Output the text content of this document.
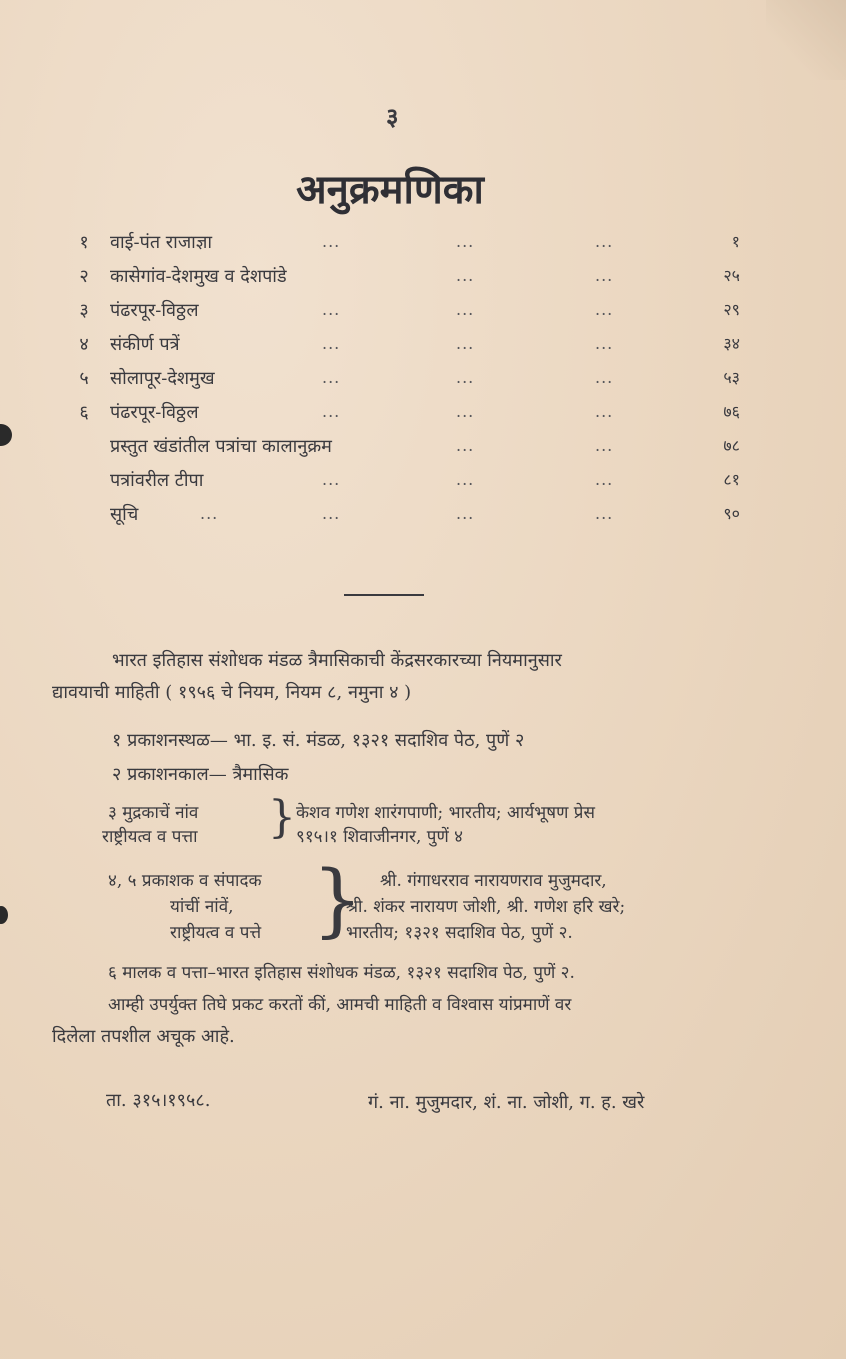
३
अनुक्रमणिका
१	वाई-पंत राजाज्ञा	...	...	...	१
२	कासेगांव-देशमुख व देशपांडे	...	...	२५
३	पंढरपूर-विठ्ठल	...	...	...	२९
४	संकीर्ण पत्रें	...	...	...	३४
५	सोलापूर-देशमुख	...	...	...	५३
६	पंढरपूर-विठ्ठल	...	...	...	७६
प्रस्तुत खंडांतील पत्रांचा कालानुक्रम	...	...	७८
पत्रांवरील टीपा	...	...	...	८१
सूचि	...	...	...	...	९०
भारत इतिहास संशोधक मंडळ त्रैमासिकाची केंद्रसरकारच्या नियमानुसार
द्यावयाची माहिती ( १९५६ चे नियम, नियम ८, नमुना ४ )
१ प्रकाशनस्थळ— भा. इ. सं. मंडळ, १३२१ सदाशिव पेठ, पुणें २
२ प्रकाशनकाल— त्रैमासिक
३ मुद्रकाचें नांव
राष्ट्रीयत्व व पत्ता } केशव गणेश शारंगपाणी; भारतीय; आर्यभूषण प्रेस
९१५।१ शिवाजीनगर, पुणें ४
४, ५ प्रकाशक व संपादक
यांचीं नांवें,
राष्ट्रीयत्व व पत्ते } श्री. गंगाधरराव नारायणराव मुजुमदार,
श्री. शंकर नारायण जोशी, श्री. गणेश हरि खरे;
भारतीय; १३२१ सदाशिव पेठ, पुणें २.
६ मालक व पत्ता–भारत इतिहास संशोधक मंडळ, १३२१ सदाशिव पेठ, पुणें २.
आम्ही उपर्युक्त तिघे प्रकट करतों कीं, आमची माहिती व विश्वास यांप्रमाणें वर
दिलेला तपशील अचूक आहे.
ता. ३१५।१९५८.	गं. ना. मुजुमदार, शं. ना. जोशी, ग. ह. खरे
